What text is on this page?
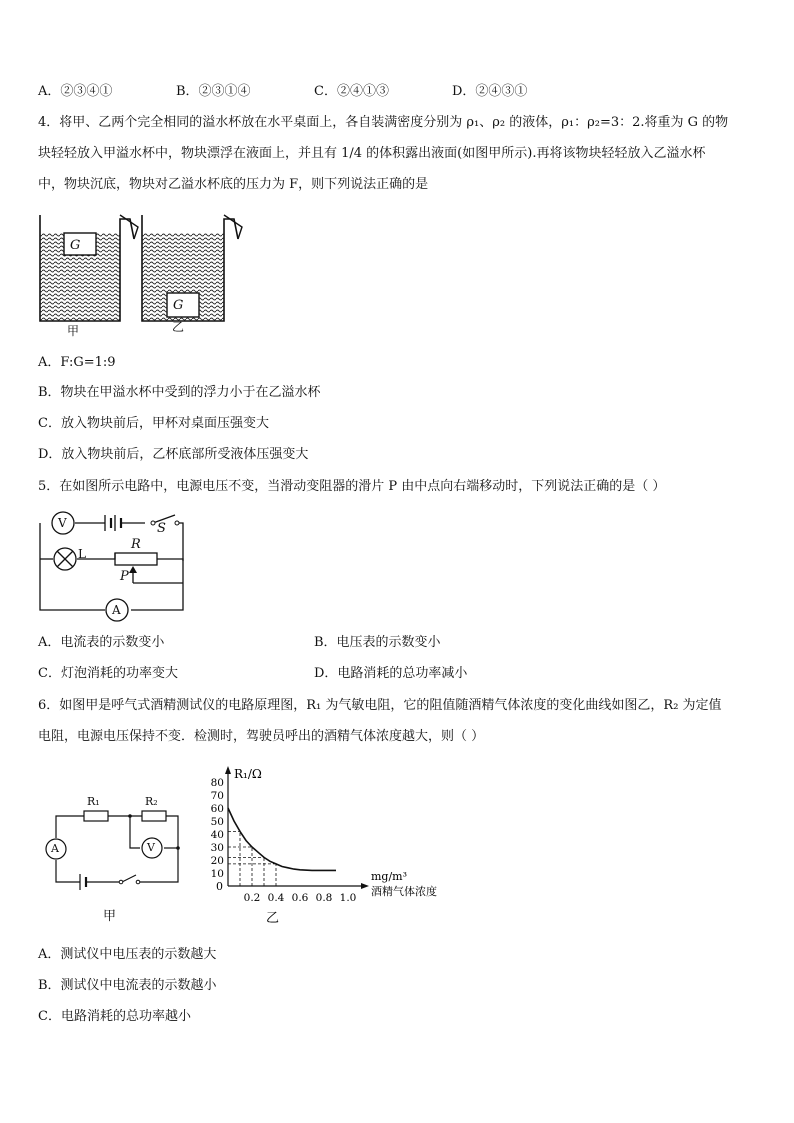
A．②③④①	B．②③①④	C．②④①③	D．②④③①
4．将甲、乙两个完全相同的溢水杯放在水平桌面上，各自装满密度分别为 ρ₁、ρ₂ 的液体，ρ₁：ρ₂=3：2.将重为 G 的物
块轻轻放入甲溢水杯中，物块漂浮在液面上，并且有 1/4 的体积露出液面(如图甲所示).再将该物块轻轻放入乙溢水杯
中，物块沉底，物块对乙溢水杯底的压力为 F，则下列说法正确的是
G
G
甲	乙
A．F:G=1:9
B．物块在甲溢水杯中受到的浮力小于在乙溢水杯
C．放入物块前后，甲杯对桌面压强变大
D．放入物块前后，乙杯底部所受液体压强变大
5．在如图所示电路中，电源电压不变，当滑动变阻器的滑片 P 由中点向右端移动时，下列说法正确的是（ ）
V
A
S
L
R
P
A．电流表的示数变小	B．电压表的示数变小
C．灯泡消耗的功率变大	D．电路消耗的总功率减小
6．如图甲是呼气式酒精测试仪的电路原理图，R₁ 为气敏电阻，它的阻值随酒精气体浓度的变化曲线如图乙，R₂ 为定值
电阻，电源电压保持不变．检测时，驾驶员呼出的酒精气体浓度越大，则（ ）
R₁	R₂
A	V
甲
10
20
30
40
50
60
70
80
0.2 0.4 0.6 0.8 1.0
R₁/Ω
mg/m³
酒精气体浓度
0
乙
A．测试仪中电压表的示数越大
B．测试仪中电流表的示数越小
C．电路消耗的总功率越小
